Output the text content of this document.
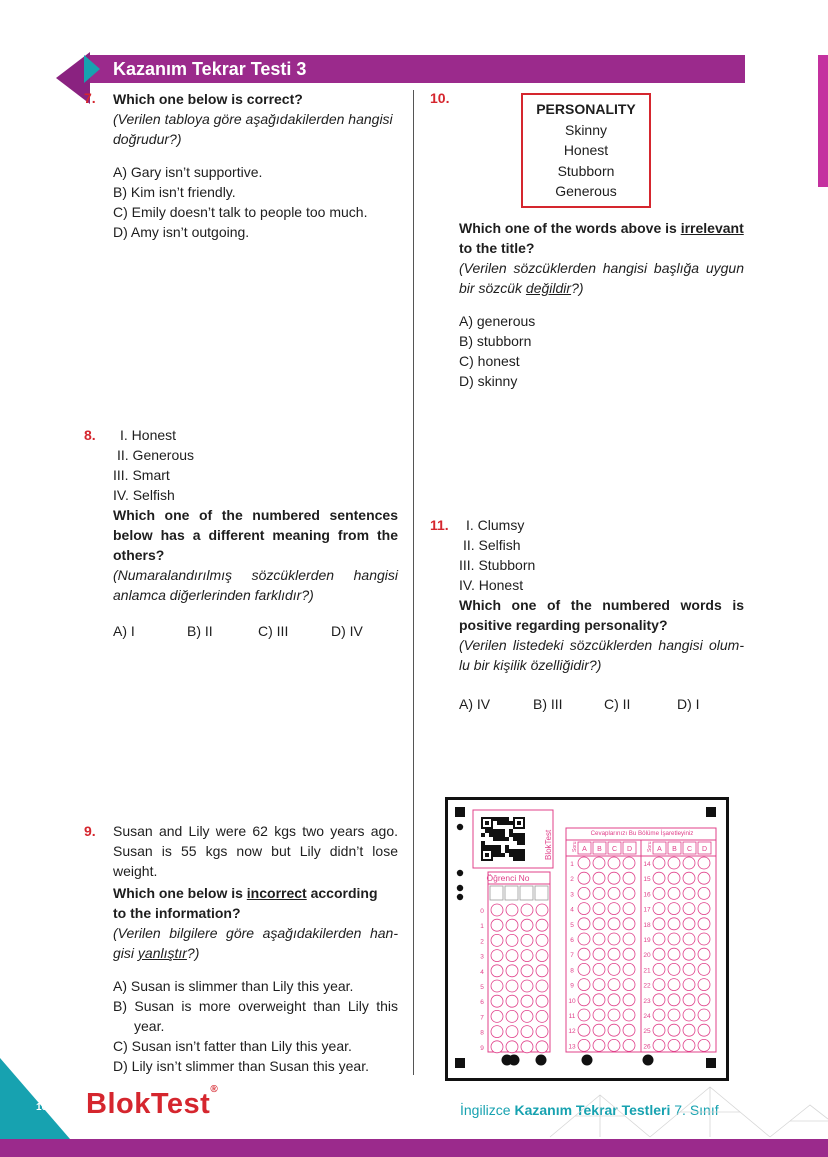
Kazanım Tekrar Testi 3
7. Which one below is correct?
(Verilen tabloya göre aşağıdakilerden hangisi
doğrudur?)
A) Gary isn’t supportive.
B) Kim isn’t friendly.
C) Emily doesn’t talk to people too much.
D) Amy isn’t outgoing.
8.	I. Honest
II. Generous
III. Smart
IV. Selfish
Which one of the numbered sentences
below has a different meaning from the
others?
(Numaralandırılmış sözcüklerden hangisi
anlamca diğerlerinden farklıdır?)
A) I	B) II	C) III	D) IV
9. Susan and Lily were 62 kgs two years ago.
Susan is 55 kgs now but Lily didn’t lose
weight.
Which one below is incorrect according
to the information?
(Verilen bilgilere göre aşağıdakilerden han-
gisi yanlıştır?)
A) Susan is slimmer than Lily this year.
B) Susan is more overweight than Lily this
year.
C) Susan isn’t fatter than Lily this year.
D) Lily isn’t slimmer than Susan this year.
10.
PERSONALITY
Skinny
Honest
Stubborn
Generous
Which one of the words above is irrelevant
to the title?
(Verilen sözcüklerden hangisi başlığa uygun
bir sözcük değildir?)
A) generous
B) stubborn
C) honest
D) skinny
11.	I. Clumsy
II. Selfish
III. Stubborn
IV. Honest
Which one of the numbered words is
positive regarding personality?
(Verilen listedeki sözcüklerden hangisi olum-
lu bir kişilik özelliğidir?)
A) IV	B) III	C) II	D) I
BlokTest
Öğrenci No
Cevaplarınızı Bu Bölüme İşaretleyiniz
Soru	Soru
A B C D	A B C D
0
1
2
3
4
5
6
7
8
9
1
2
3
4
5
6
7
8
9
10
11
12
13
14
15
16
17
18
19
20
21
22
23
24
25
26
10 BlokTest®
İngilizce Kazanım Tekrar Testleri 7. Sınıf
